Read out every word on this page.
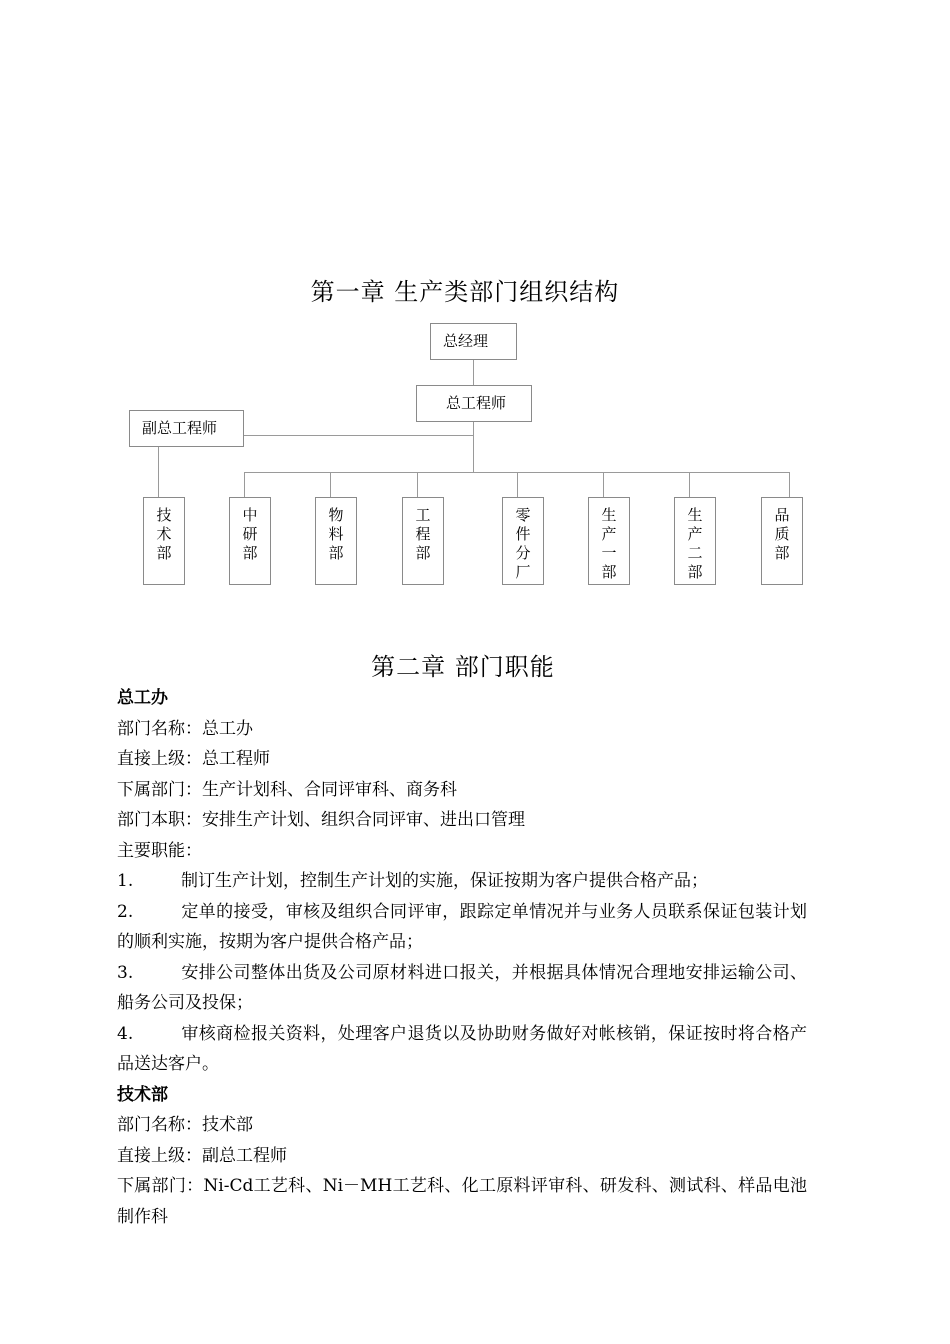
第一章 生产类部门组织结构
总经理
总工程师
副总工程师
技
术
部
中
研
部
物
料
部
工
程
部
零
件
分
厂
生
产
一
部
生
产
二
部
品
质
部
第二章 部门职能
总工办
部门名称：总工办
直接上级：总工程师
下属部门：生产计划科、合同评审科、商务科
部门本职：安排生产计划、组织合同评审、进出口管理
主要职能：
1.	制订生产计划，控制生产计划的实施，保证按期为客户提供合格产品；
2.	定单的接受，审核及组织合同评审，跟踪定单情况并与业务人员联系保证包装计划的顺利实施，按期为客户提供合格产品；
3.	安排公司整体出货及公司原材料进口报关，并根据具体情况合理地安排运输公司、船务公司及投保；
4.	审核商检报关资料，处理客户退货以及协助财务做好对帐核销，保证按时将合格产品送达客户。
技术部
部门名称：技术部
直接上级：副总工程师
下属部门：Ni-Cd工艺科、Ni－MH工艺科、化工原料评审科、研发科、测试科、样品电池制作科
